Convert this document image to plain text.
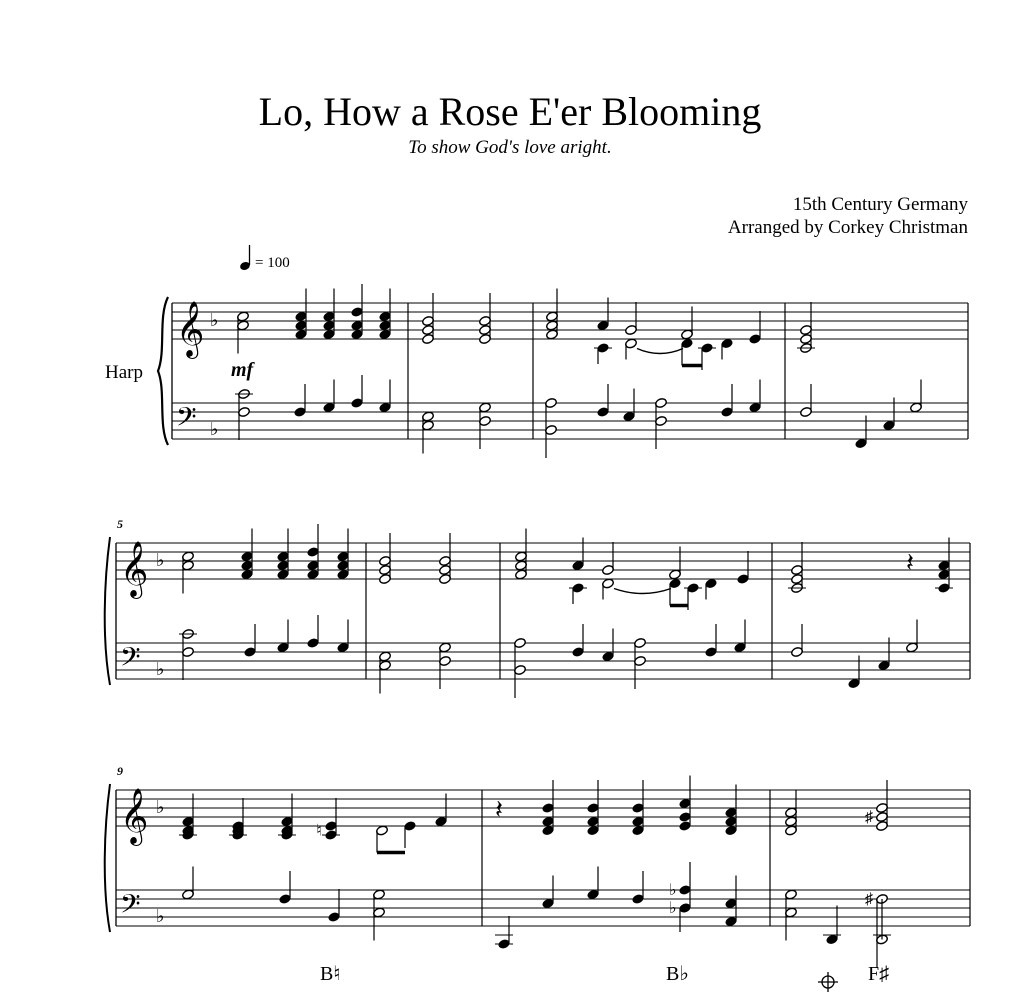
Lo, How a Rose E'er Blooming
To show God's love aright.
15th Century Germany
Arranged by Corkey Christman
= 100
Harp	mf
5
9
𝄞
𝄢
♭
♭
𝄞
𝄢
♭
♭
𝄞
𝄢
♭
♭
𝄽
♮
𝄽	♯
♭
♭
♯
B♮	B♭	F♯
